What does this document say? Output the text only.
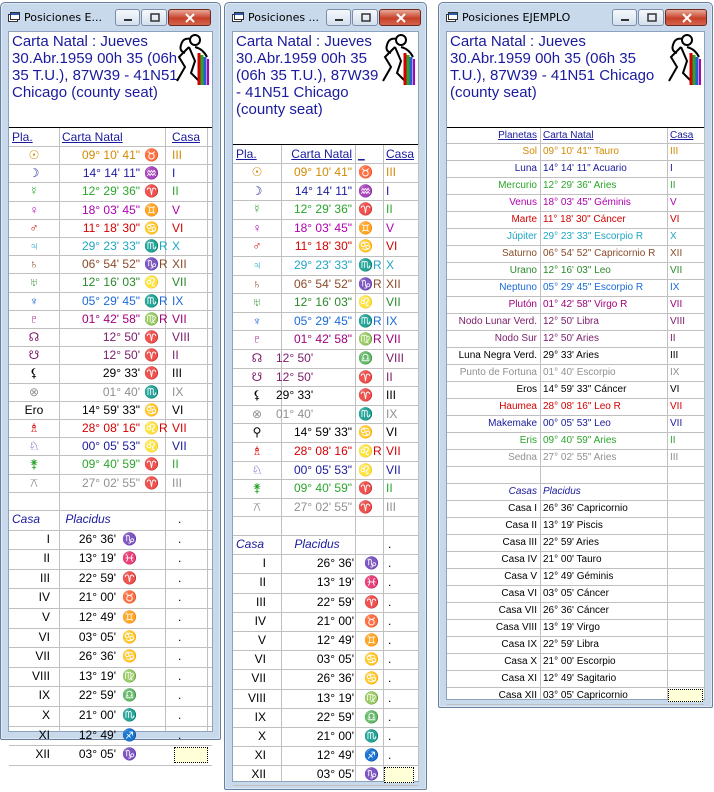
Posiciones E...
Carta Natal : Jueves
30.Abr.1959 00h 35 (06h
35 T.U.), 87W39 - 41N51
Chicago (county seat)
Pla.	Carta Natal	Casa
☉	09° 10' 41" ♉	III
☽	14° 14' 11" ♒	I
☿	12° 29' 36" ♈	II
♀	18° 03' 45" ♊	V
♂	11° 18' 30" ♋	VI
♃	29° 23' 33" ♏R X
♄	06° 54' 52" ♑R XII
♅	12° 16' 03" ♌	VII
♆	05° 29' 45" ♏R IX
♇	01° 42' 58" ♍R VII
☊	12° 50' ♈	VIII
☋	12° 50' ♈	II
⚸	29° 33' ♈	III
⊗	01° 40' ♏	IX
Ero	14° 59' 33" ♋	VI
♗	28° 08' 16" ♌R VII
♘	00° 05' 53" ♌	VII
⚵	09° 40' 59" ♈	II
⚻	27° 02' 55" ♈	III
Casa	Placidus	.
I	26° 36' ♑	.
II	13° 19' ♓	.
III	22° 59' ♈	.
IV	21° 00' ♉	.
V	12° 49' ♊	.
VI	03° 05' ♋	.
VII	26° 36' ♋	.
VIII	13° 19' ♍	.
IX	22° 59' ♎	.
X	21° 00' ♏	.
XI	12° 49' ♐	.
XII	03° 05' ♑
Posiciones ...
Carta Natal : Jueves
30.Abr.1959 00h 35
(06h 35 T.U.), 87W39
- 41N51 Chicago
(county seat)
Pla.	Carta Natal _	Casa
☉	09° 10' 41" ♉	III
☽	14° 14' 11" ♒	I
☿	12° 29' 36" ♈	II
♀	18° 03' 45" ♊	V
♂	11° 18' 30" ♋	VI
♃	29° 23' 33" ♏R X
♄	06° 54' 52" ♑R XII
♅	12° 16' 03" ♌	VII
♆	05° 29' 45" ♏R IX
♇	01° 42' 58" ♍R VII
☊	12° 50'	♎	VIII
☋	12° 50'	♈	II
⚸	29° 33'	♈	III
⊗	01° 40'	♏	IX
⚲	14° 59' 33" ♋	VI
♗	28° 08' 16" ♌R VII
♘	00° 05' 53" ♌	VII
⚵	09° 40' 59" ♈	II
⚻	27° 02' 55" ♈	III
Casa	Placidus	.
I	26° 36' ♑ .
II	13° 19' ♓ .
III	22° 59' ♈ .
IV	21° 00' ♉ .
V	12° 49' ♊ .
VI	03° 05' ♋ .
VII	26° 36' ♋ .
VIII	13° 19' ♍ .
IX	22° 59' ♎ .
X	21° 00' ♏ .
XI	12° 49' ♐ .
XII	03° 05' ♑
Posiciones EJEMPLO
Carta Natal : Jueves
30.Abr.1959 00h 35 (06h 35
T.U.), 87W39 - 41N51 Chicago
(county seat)
Planetas Carta Natal	Casa
Sol 09° 10' 41" Tauro	III
Luna 14° 14' 11" Acuario	I
Mercurio 12° 29' 36" Aries	II
Venus 18° 03' 45" Géminis	V
Marte 11° 18' 30" Cáncer	VI
Júpiter 29° 23' 33" Escorpio R	X
Saturno 06° 54' 52" Capricornio R	XII
Urano 12° 16' 03" Leo	VII
Neptuno 05° 29' 45" Escorpio R	IX
Plutón 01° 42' 58" Virgo R	VII
Nodo Lunar Verd. 12° 50' Libra	VIII
Nodo Sur 12° 50' Aries	II
Luna Negra Verd. 29° 33' Aries	III
Punto de Fortuna 01° 40' Escorpio	IX
Eros 14° 59' 33" Cáncer	VI
Haumea 28° 08' 16" Leo R	VII
Makemake 00° 05' 53" Leo	VII
Eris 09° 40' 59" Aries	II
Sedna 27° 02' 55" Aries	III
Casas Placidus
Casa I 26° 36' Capricornio
Casa II 13° 19' Piscis
Casa III 22° 59' Aries
Casa IV 21° 00' Tauro
Casa V 12° 49' Géminis
Casa VI 03° 05' Cáncer
Casa VII 26° 36' Cáncer
Casa VIII 13° 19' Virgo
Casa IX 22° 59' Libra
Casa X 21° 00' Escorpio
Casa XI 12° 49' Sagitario
Casa XII 03° 05' Capricornio
